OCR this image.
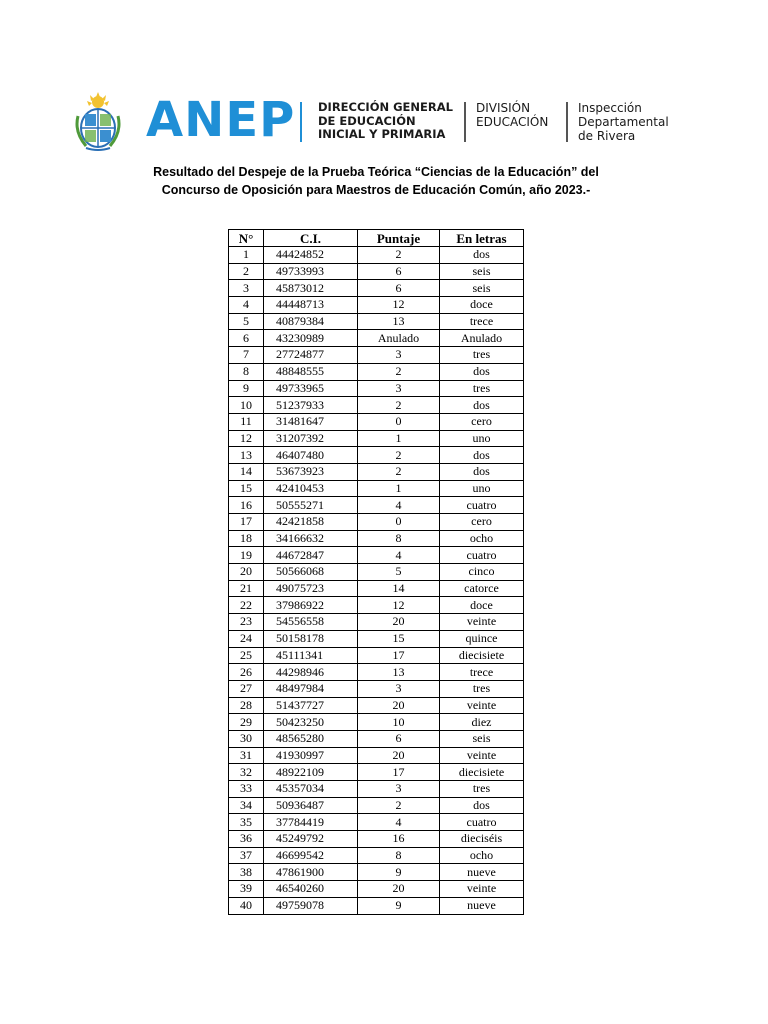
ANEP DIRECCIÓN GENERAL
DE EDUCACIÓN
INICIAL Y PRIMARIA
DIVISIÓN
EDUCACIÓN
Inspección
Departamental
de Rivera
Resultado del Despeje de la Prueba Teórica “Ciencias de la Educación” del
Concurso de Oposición para Maestros de Educación Común, año 2023.-
N°	C.I.	Puntaje	En letras
1	44424852	2	dos
2	49733993	6	seis
3	45873012	6	seis
4	44448713	12	doce
5	40879384	13	trece
6	43230989	Anulado	Anulado
7	27724877	3	tres
8	48848555	2	dos
9	49733965	3	tres
10	51237933	2	dos
11	31481647	0	cero
12	31207392	1	uno
13	46407480	2	dos
14	53673923	2	dos
15	42410453	1	uno
16	50555271	4	cuatro
17	42421858	0	cero
18	34166632	8	ocho
19	44672847	4	cuatro
20	50566068	5	cinco
21	49075723	14	catorce
22	37986922	12	doce
23	54556558	20	veinte
24	50158178	15	quince
25	45111341	17	diecisiete
26	44298946	13	trece
27	48497984	3	tres
28	51437727	20	veinte
29	50423250	10	diez
30	48565280	6	seis
31	41930997	20	veinte
32	48922109	17	diecisiete
33	45357034	3	tres
34	50936487	2	dos
35	37784419	4	cuatro
36	45249792	16	dieciséis
37	46699542	8	ocho
38	47861900	9	nueve
39	46540260	20	veinte
40	49759078	9	nueve
